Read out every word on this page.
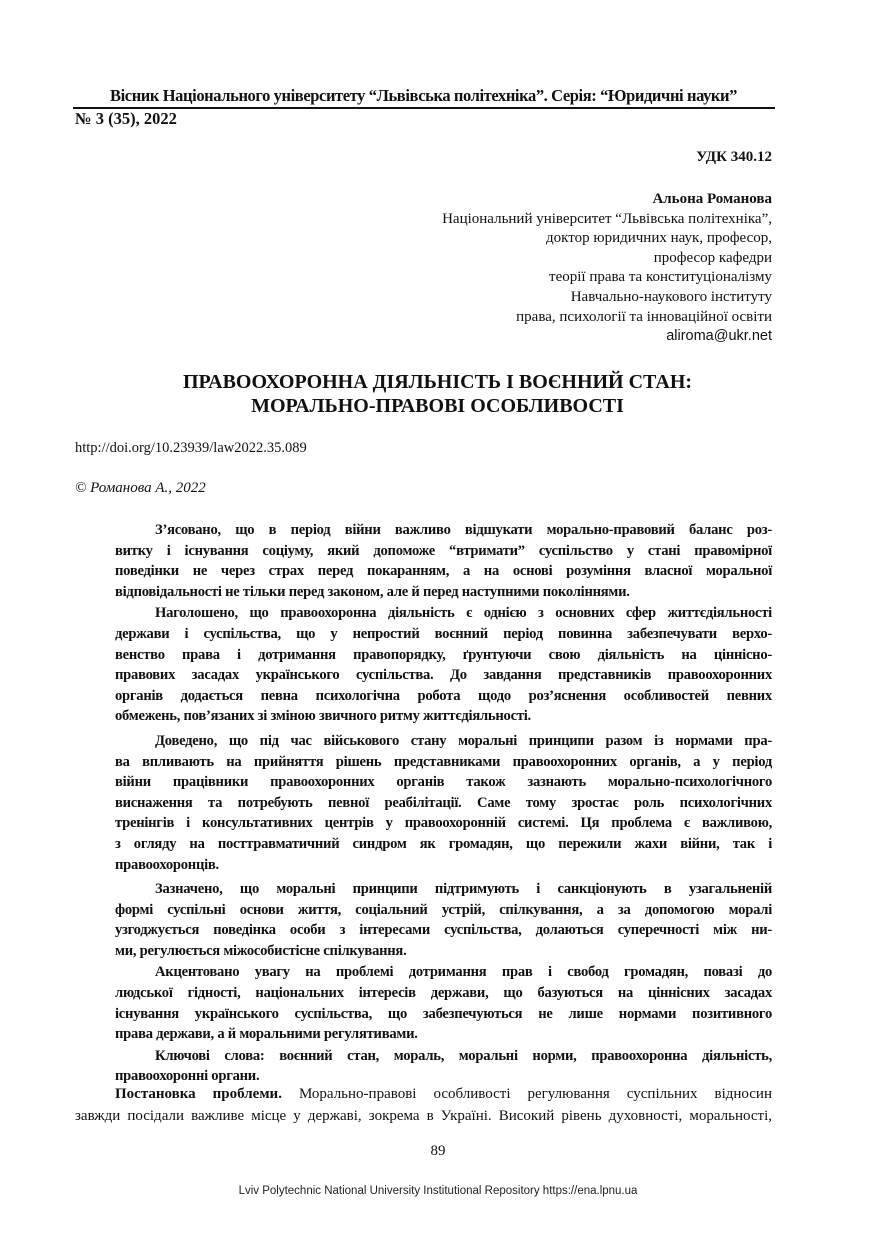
Вісник Національного університету “Львівська політехніка”. Серія: “Юридичні науки”
№ 3 (35), 2022
УДК 340.12
Альона Романова
Національний університет “Львівська політехніка”,
доктор юридичних наук, професор,
професор кафедри
теорії права та конституціоналізму
Навчально-наукового інституту
права, психології та інноваційної освіти
aliroma@ukr.net
ПРАВООХОРОННА ДІЯЛЬНІСТЬ І ВОЄННИЙ СТАН:
МОРАЛЬНО-ПРАВОВІ ОСОБЛИВОСТІ
http://doi.org/10.23939/law2022.35.089
© Романова А., 2022
З’ясовано, що в період війни важливо відшукати морально-правовий баланс роз-
витку і існування соціуму, який допоможе “втримати” суспільство у стані правомірної
поведінки не через страх перед покаранням, а на основі розуміння власної моральної
відповідальності не тільки перед законом, але й перед наступними поколіннями.
Наголошено, що правоохоронна діяльність є однією з основних сфер життєдіяльності
держави і суспільства, що у непростий воєнний період повинна забезпечувати верхо-
венство права і дотримання правопорядку, ґрунтуючи свою діяльність на ціннісно-
правових засадах українського суспільства. До завдання представників правоохоронних
органів додається певна психологічна робота щодо роз’яснення особливостей певних
обмежень, пов’язаних зі зміною звичного ритму життєдіяльності.
Доведено, що під час військового стану моральні принципи разом із нормами пра-
ва впливають на прийняття рішень представниками правоохоронних органів, а у період
війни працівники правоохоронних органів також зазнають морально-психологічного
виснаження та потребують певної реабілітації. Саме тому зростає роль психологічних
тренінгів і консультативних центрів у правоохоронній системі. Ця проблема є важливою,
з огляду на посттравматичний синдром як громадян, що пережили жахи війни, так і
правоохоронців.
Зазначено, що моральні принципи підтримують і санкціонують в узагальненій
формі суспільні основи життя, соціальний устрій, спілкування, а за допомогою моралі
узгоджується поведінка особи з інтересами суспільства, долаються суперечності між ни-
ми, регулюється міжособистісне спілкування.
Акцентовано увагу на проблемі дотримання прав і свобод громадян, повазі до
людської гідності, національних інтересів держави, що базуються на ціннісних засадах
існування українського суспільства, що забезпечуються не лише нормами позитивного
права держави, а й моральними регулятивами.
Ключові слова: воєнний стан, мораль, моральні норми, правоохоронна діяльність,
правоохоронні органи.
Постановка проблеми. Морально-правові особливості регулювання суспільних відносин
завжди посідали важливе місце у державі, зокрема в Україні. Високий рівень духовності, моральності,
89
Lviv Polytechnic National University Institutional Repository https://ena.lpnu.ua
